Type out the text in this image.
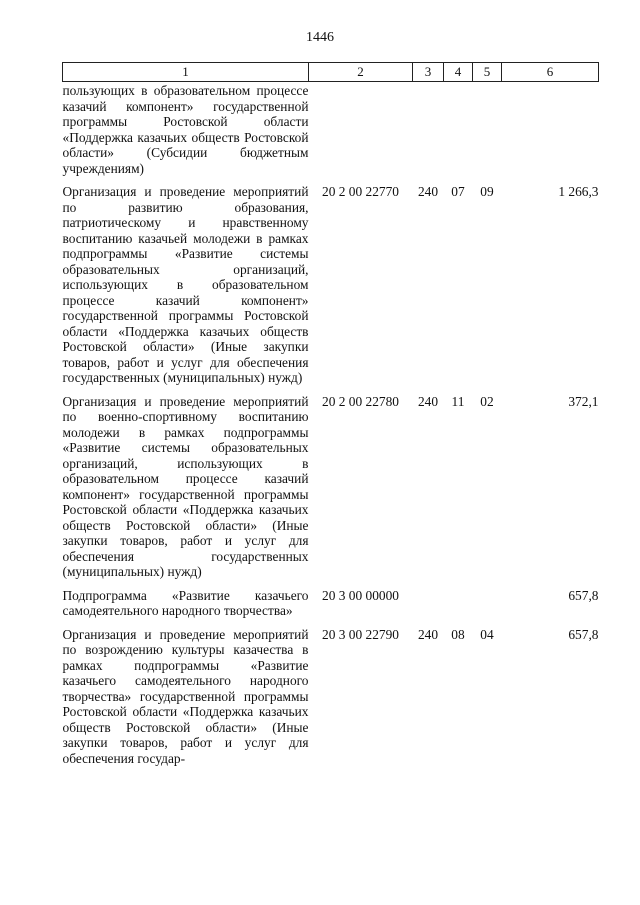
1446
1	2	3	4	5	6
пользующих в образовательном процессе казачий компонент» государственной программы Ростовской области «Поддержка казачьих обществ Ростовской области» (Субсидии бюджетным учреждениям)					
Организация и проведение мероприятий по развитию образования, патриотическому и нравственному воспитанию казачьей молодежи в рамках подпрограммы «Развитие системы образовательных организаций, использующих в образовательном процессе казачий компонент» государственной программы Ростовской области «Поддержка казачьих обществ Ростовской области» (Иные закупки товаров, работ и услуг для обеспечения государственных (муниципальных) нужд)	20 2 00 22770	240	07	09	1 266,3
Организация и проведение мероприятий по военно-спортивному воспитанию молодежи в рамках подпрограммы «Развитие системы образовательных организаций, использующих в образовательном процессе казачий компонент» государственной программы Ростовской области «Поддержка казачьих обществ Ростовской области» (Иные закупки товаров, работ и услуг для обеспечения государственных (муниципальных) нужд)	20 2 00 22780	240	11	02	372,1
Подпрограмма «Развитие казачьего самодеятельного народного творчества»	20 3 00 00000				657,8
Организация и проведение мероприятий по возрождению культуры казачества в рамках подпрограммы «Развитие казачьего самодеятельного народного творчества» государственной программы Ростовской области «Поддержка казачьих обществ Ростовской области» (Иные закупки товаров, работ и услуг для обеспечения государ-	20 3 00 22790	240	08	04	657,8
